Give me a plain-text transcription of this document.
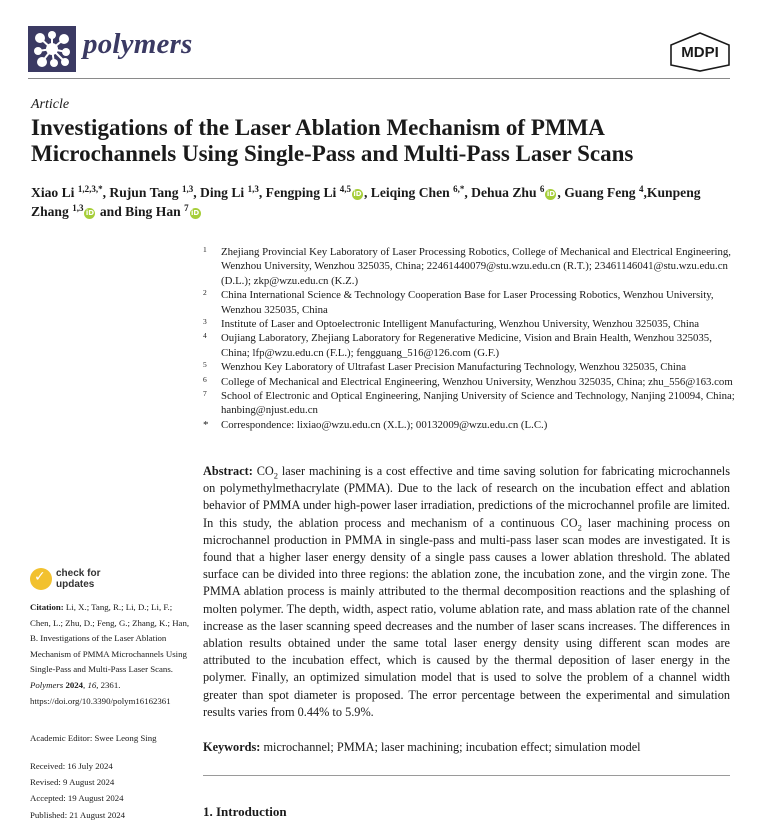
polymers	MDPI
Article
Investigations of the Laser Ablation Mechanism of PMMA Microchannels Using Single-Pass and Multi-Pass Laser Scans
Xiao Li $^{1,2,3,*}$, Rujun Tang $^{1,3}$, Ding Li $^{1,3}$, Fengping Li $^{4,5}$ iD , Leiqing Chen $^{6,*}$, Dehua Zhu $^6$ iD , Guang Feng $^4$,Kunpeng Zhang $^{1,3}$ iD and Bing Han $^7$ iD
1 Zhejiang Provincial Key Laboratory of Laser Processing Robotics, College of Mechanical and Electrical Engineering, Wenzhou University, Wenzhou 325035, China; 22461440079@stu.wzu.edu.cn (R.T.); 23461146041@stu.wzu.edu.cn (D.L.); zkp@wzu.edu.cn (K.Z.)
2 China International Science & Technology Cooperation Base for Laser Processing Robotics, Wenzhou University, Wenzhou 325035, China
3 Institute of Laser and Optoelectronic Intelligent Manufacturing, Wenzhou University, Wenzhou 325035, China
4 Oujiang Laboratory, Zhejiang Laboratory for Regenerative Medicine, Vision and Brain Health, Wenzhou 325035, China; lfp@wzu.edu.cn (F.L.); fengguang_516@126.com (G.F.)
5 Wenzhou Key Laboratory of Ultrafast Laser Precision Manufacturing Technology, Wenzhou 325035, China
6 College of Mechanical and Electrical Engineering, Wenzhou University, Wenzhou 325035, China; zhu_556@163.com
7 School of Electronic and Optical Engineering, Nanjing University of Science and Technology, Nanjing 210094, China; hanbing@njust.edu.cn
* Correspondence: lixiao@wzu.edu.cn (X.L.); 00132009@wzu.edu.cn (L.C.)
Abstract: $CO_2$ laser machining is a cost effective and time saving solution for fabricating microchannels on polymethylmethacrylate (PMMA). Due to the lack of research on the incubation effect and ablation behavior of PMMA under high-power laser irradiation, predictions of the microchannel profile are limited. In this study, the ablation process and mechanism of a continuous $CO_2$ laser machining process on microchannel production in PMMA in single-pass and multi-pass laser scan modes are investigated. It is found that a higher laser energy density of a single pass causes a lower ablation threshold. The ablated surface can be divided into three regions: the ablation zone, the incubation zone, and the virgin zone. The PMMA ablation process is mainly attributed to the thermal decomposition reactions and the splashing of molten polymer. The depth, width, aspect ratio, volume ablation rate, and mass ablation rate of the channel increase as the laser scanning speed decreases and the number of laser scans increases. The differences in ablation results obtained under the same total laser energy density using different scan modes are attributed to the incubation effect, which is caused by the thermal deposition of laser energy in the polymer. Finally, an optimized simulation model that is used to solve the problem of a channel width greater than spot diameter is proposed. The error percentage between the experimental and simulation results varies from 0.44% to 5.9%.
Keywords: microchannel; PMMA; laser machining; incubation effect; simulation model
1. Introduction
✓ check for
updates
Citation: Li, X.; Tang, R.; Li, D.; Li, F.; Chen, L.; Zhu, D.; Feng, G.; Zhang, K.; Han, B. Investigations of the Laser Ablation Mechanism of PMMA Microchannels Using Single-Pass and Multi-Pass Laser Scans. Polymers 2024, 16, 2361. https://doi.org/10.3390/polym16162361
Academic Editor: Swee Leong Sing
Received: 16 July 2024
Revised: 9 August 2024
Accepted: 19 August 2024
Published: 21 August 2024
